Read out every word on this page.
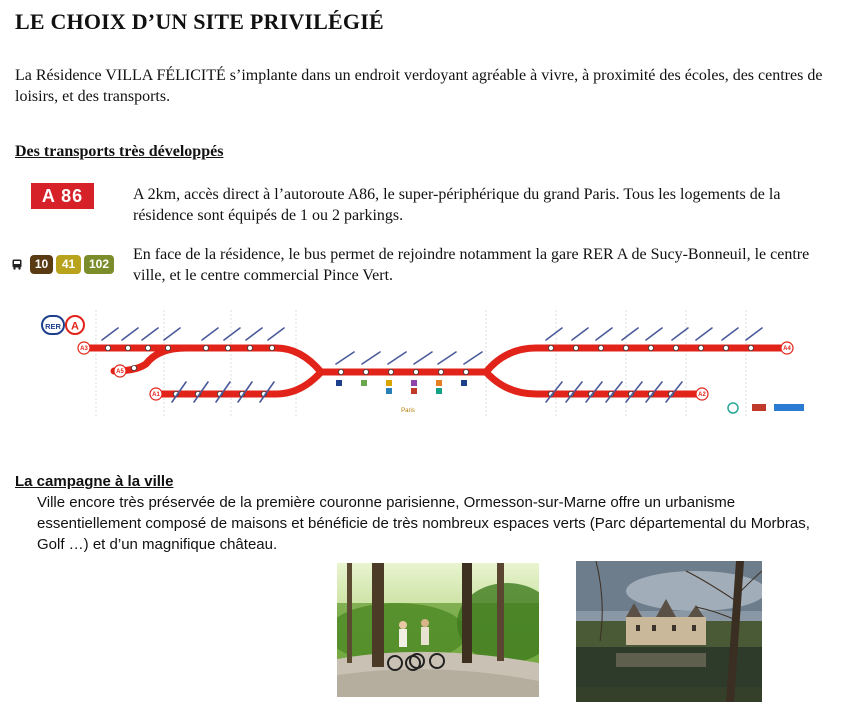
LE CHOIX D’UN SITE PRIVILÉGIÉ
La Résidence VILLA FÉLICITÉ s’implante dans un endroit verdoyant agréable à vivre, à proximité des écoles, des centres de loisirs, et des transports.
Des transports très développés
A 86	A 2km, accès direct à l’autoroute A86, le super-périphérique du grand Paris. Tous les logements de la résidence sont équipés de 1 ou 2 parkings.
10	41	102
En face de la résidence, le bus permet de rejoindre notamment la gare RER A de Sucy-Bonneuil, le centre ville, et le centre commercial Pince Vert.
RER A
A3
A5
A1	A2
A4
Paris
La campagne à la ville
Ville encore très préservée de la première couronne parisienne, Ormesson-sur-Marne offre un urbanisme essentiellement composé de maisons et bénéficie de très nombreux espaces verts (Parc départemental du Morbras, Golf …) et d’un magnifique château.
